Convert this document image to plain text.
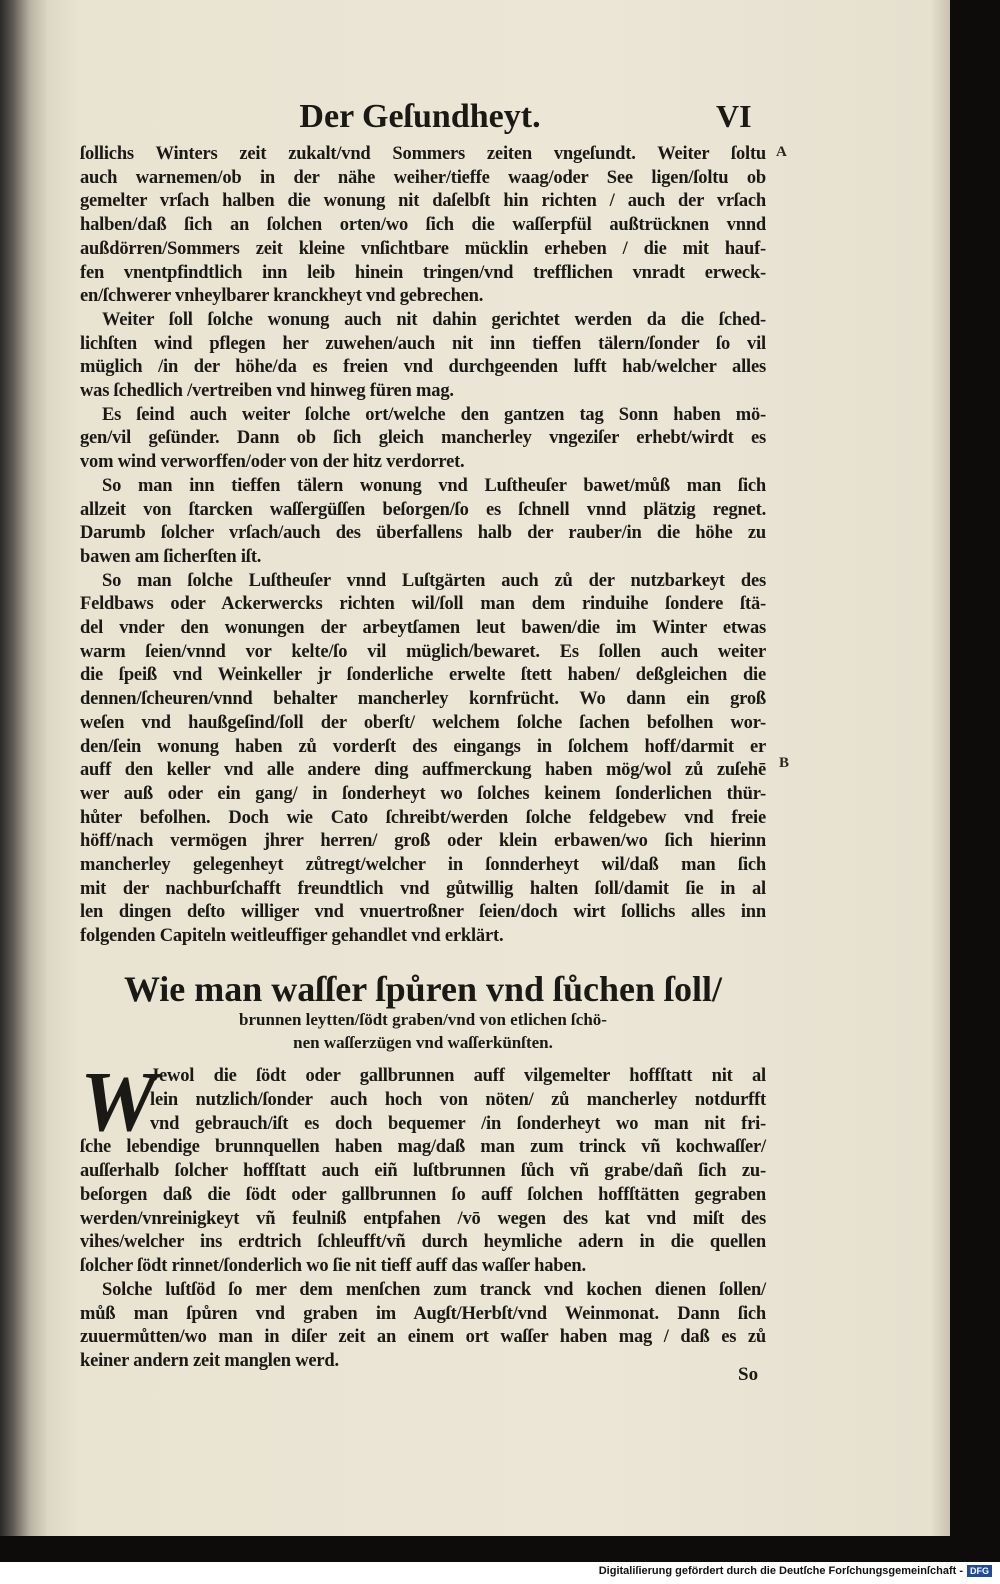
Der Geſundheyt.	VI
A
B
ſollichs Winters zeit zukalt/vnd Sommers zeiten vngeſundt. Weiter ſoltu
auch warnemen/ob in der nähe weiher/tieffe waag/oder See ligen/ſoltu ob
gemelter vrſach halben die wonung nit daſelbſt hin richten / auch der vrſach
halben/daß ſich an ſolchen orten/wo ſich die waſſerpfül außtrücknen vnnd
außdörren/Sommers zeit kleine vnſichtbare mücklin erheben / die mit hauf-
fen vnentpfindtlich inn leib hinein tringen/vnd trefflichen vnradt erweck-
en/ſchwerer vnheylbarer kranckheyt vnd gebrechen.
Weiter ſoll ſolche wonung auch nit dahin gerichtet werden da die ſched-
lichſten wind pflegen her zuwehen/auch nit inn tieffen tälern/ſonder ſo vil
müglich /in der höhe/da es freien vnd durchgeenden lufft hab/welcher alles
was ſchedlich /vertreiben vnd hinweg füren mag.
Es ſeind auch weiter ſolche ort/welche den gantzen tag Sonn haben mö-
gen/vil geſünder. Dann ob ſich gleich mancherley vngeziſer erhebt/wirdt es
vom wind verworffen/oder von der hitz verdorret.
So man inn tieffen tälern wonung vnd Luſtheuſer bawet/můß man ſich
allzeit von ſtarcken waſſergüſſen beſorgen/ſo es ſchnell vnnd plätzig regnet.
Darumb ſolcher vrſach/auch des überfallens halb der rauber/in die höhe zu
bawen am ſicherſten iſt.
So man ſolche Luſtheuſer vnnd Luſtgärten auch zů der nutzbarkeyt des
Feldbaws oder Ackerwercks richten wil/ſoll man dem rinduihe ſondere ſtä-
del vnder den wonungen der arbeytſamen leut bawen/die im Winter etwas
warm ſeien/vnnd vor kelte/ſo vil müglich/bewaret. Es ſollen auch weiter
die ſpeiß vnd Weinkeller jr ſonderliche erwelte ſtett haben/ deßgleichen die
dennen/ſcheuren/vnnd behalter mancherley kornfrücht. Wo dann ein groß
weſen vnd haußgeſind/ſoll der oberſt/ welchem ſolche ſachen befolhen wor-
den/ſein wonung haben zů vorderſt des eingangs in ſolchem hoff/darmit er
auff den keller vnd alle andere ding auffmerckung haben mög/wol zů zuſehē
wer auß oder ein gang/ in ſonderheyt wo ſolches keinem ſonderlichen thür-
hůter befolhen. Doch wie Cato ſchreibt/werden ſolche feldgebew vnd freie
höff/nach vermögen jhrer herren/ groß oder klein erbawen/wo ſich hierinn
mancherley gelegenheyt zůtregt/welcher in ſonnderheyt wil/daß man ſich
mit der nachburſchafft freundtlich vnd gůtwillig halten ſoll/damit ſie in al
len dingen deſto williger vnd vnuertroßner ſeien/doch wirt ſollichs alles inn
folgenden Capiteln weitleuffiger gehandlet vnd erklärt.
Jewol die ſödt oder gallbrunnen auff vilgemelter hoffſtatt nit al
lein nutzlich/ſonder auch hoch von nöten/ zů mancherley notdurfft
vnd gebrauch/iſt es doch bequemer /in ſonderheyt wo man nit fri-
ſche lebendige brunnquellen haben mag/daß man zum trinck vñ kochwaſſer/
auſſerhalb ſolcher hoffſtatt auch eiñ luſtbrunnen ſůch vñ grabe/dañ ſich zu-
beſorgen daß die ſödt oder gallbrunnen ſo auff ſolchen hoffſtätten gegraben
werden/vnreinigkeyt vñ feulniß entpfahen /vō wegen des kat vnd miſt des
vihes/welcher ins erdtrich ſchleufft/vñ durch heymliche adern in die quellen
ſolcher ſödt rinnet/ſonderlich wo ſie nit tieff auff das waſſer haben.
Solche luſtſöd ſo mer dem menſchen zum tranck vnd kochen dienen ſollen/
můß man ſpůren vnd graben im Augſt/Herbſt/vnd Weinmonat. Dann ſich
zuuermůtten/wo man in diſer zeit an einem ort waſſer haben mag / daß es zů
keiner andern zeit manglen werd.
Wie man waſſer ſpůren vnd ſůchen ſoll/
brunnen leytten/ſödt graben/vnd von etlichen ſchö-
nen waſſerzügen vnd waſſerkünſten.
W
So
Digitaliſierung gefördert durch die Deutſche Forſchungsgemeinſchaft - DFG
